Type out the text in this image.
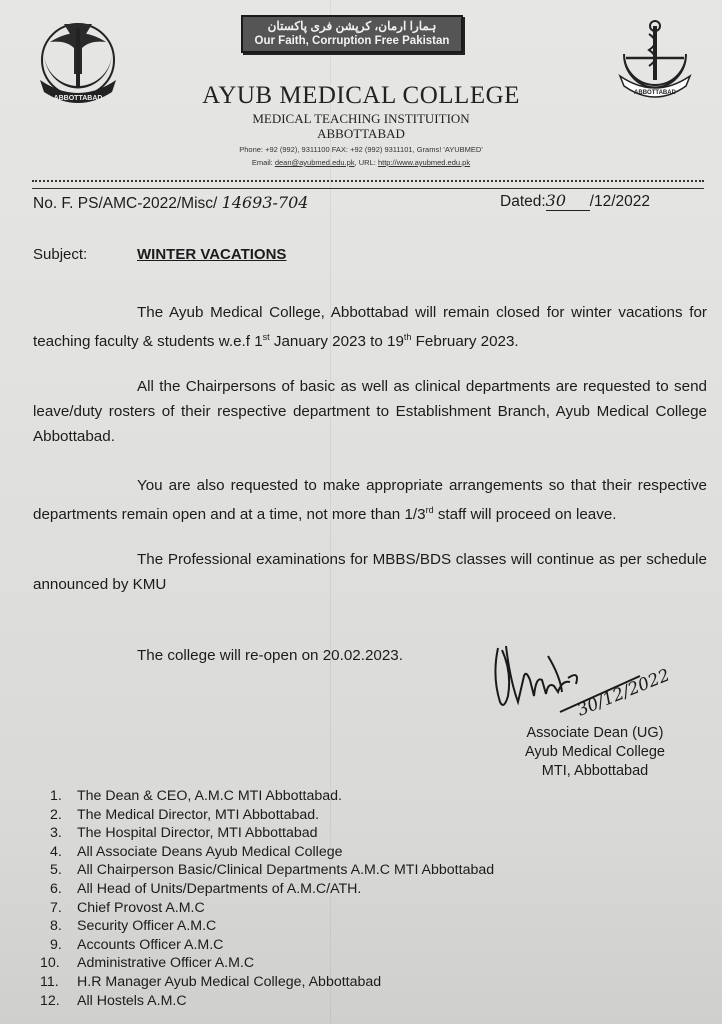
ABBOTTABAD
ہمارا ارمان، کرپشن فری پاکستان
Our Faith, Corruption Free Pakistan
ABBOTTABAD
AYUB MEDICAL COLLEGE
MEDICAL TEACHING INSTITUITION
ABBOTTABAD
Phone: +92 (992), 9311100 FAX: +92 (992) 9311101, Grams! 'AYUBMED'
Email: dean@ayubmed.edu.pk, URL: http://www.ayubmed.edu.pk
No. F. PS/AMC-2022/Misc/ 14693-704	Dated:30 /12/2022
Subject:	WINTER VACATIONS
The Ayub Medical College, Abbottabad will remain closed for winter vacations for teaching faculty & students w.e.f 1st January 2023 to 19th February 2023.
All the Chairpersons of basic as well as clinical departments are requested to send leave/duty rosters of their respective department to Establishment Branch, Ayub Medical College Abbottabad.
You are also requested to make appropriate arrangements so that their respective departments remain open and at a time, not more than 1/3rd staff will proceed on leave.
The Professional examinations for MBBS/BDS classes will continue as per schedule announced by KMU
The college will re-open on 20.02.2023.
30/12/2022
Associate Dean (UG)
Ayub Medical College
MTI, Abbottabad
1.	The Dean & CEO, A.M.C MTI Abbottabad.
2.	The Medical Director, MTI Abbottabad.
3.	The Hospital Director, MTI Abbottabad
4.	All Associate Deans Ayub Medical College
5.	All Chairperson Basic/Clinical Departments A.M.C MTI Abbottabad
6.	All Head of Units/Departments of A.M.C/ATH.
7.	Chief Provost A.M.C
8.	Security Officer A.M.C
9.	Accounts Officer A.M.C
10.	Administrative Officer A.M.C
11.	H.R Manager Ayub Medical College, Abbottabad
12.	All Hostels A.M.C
